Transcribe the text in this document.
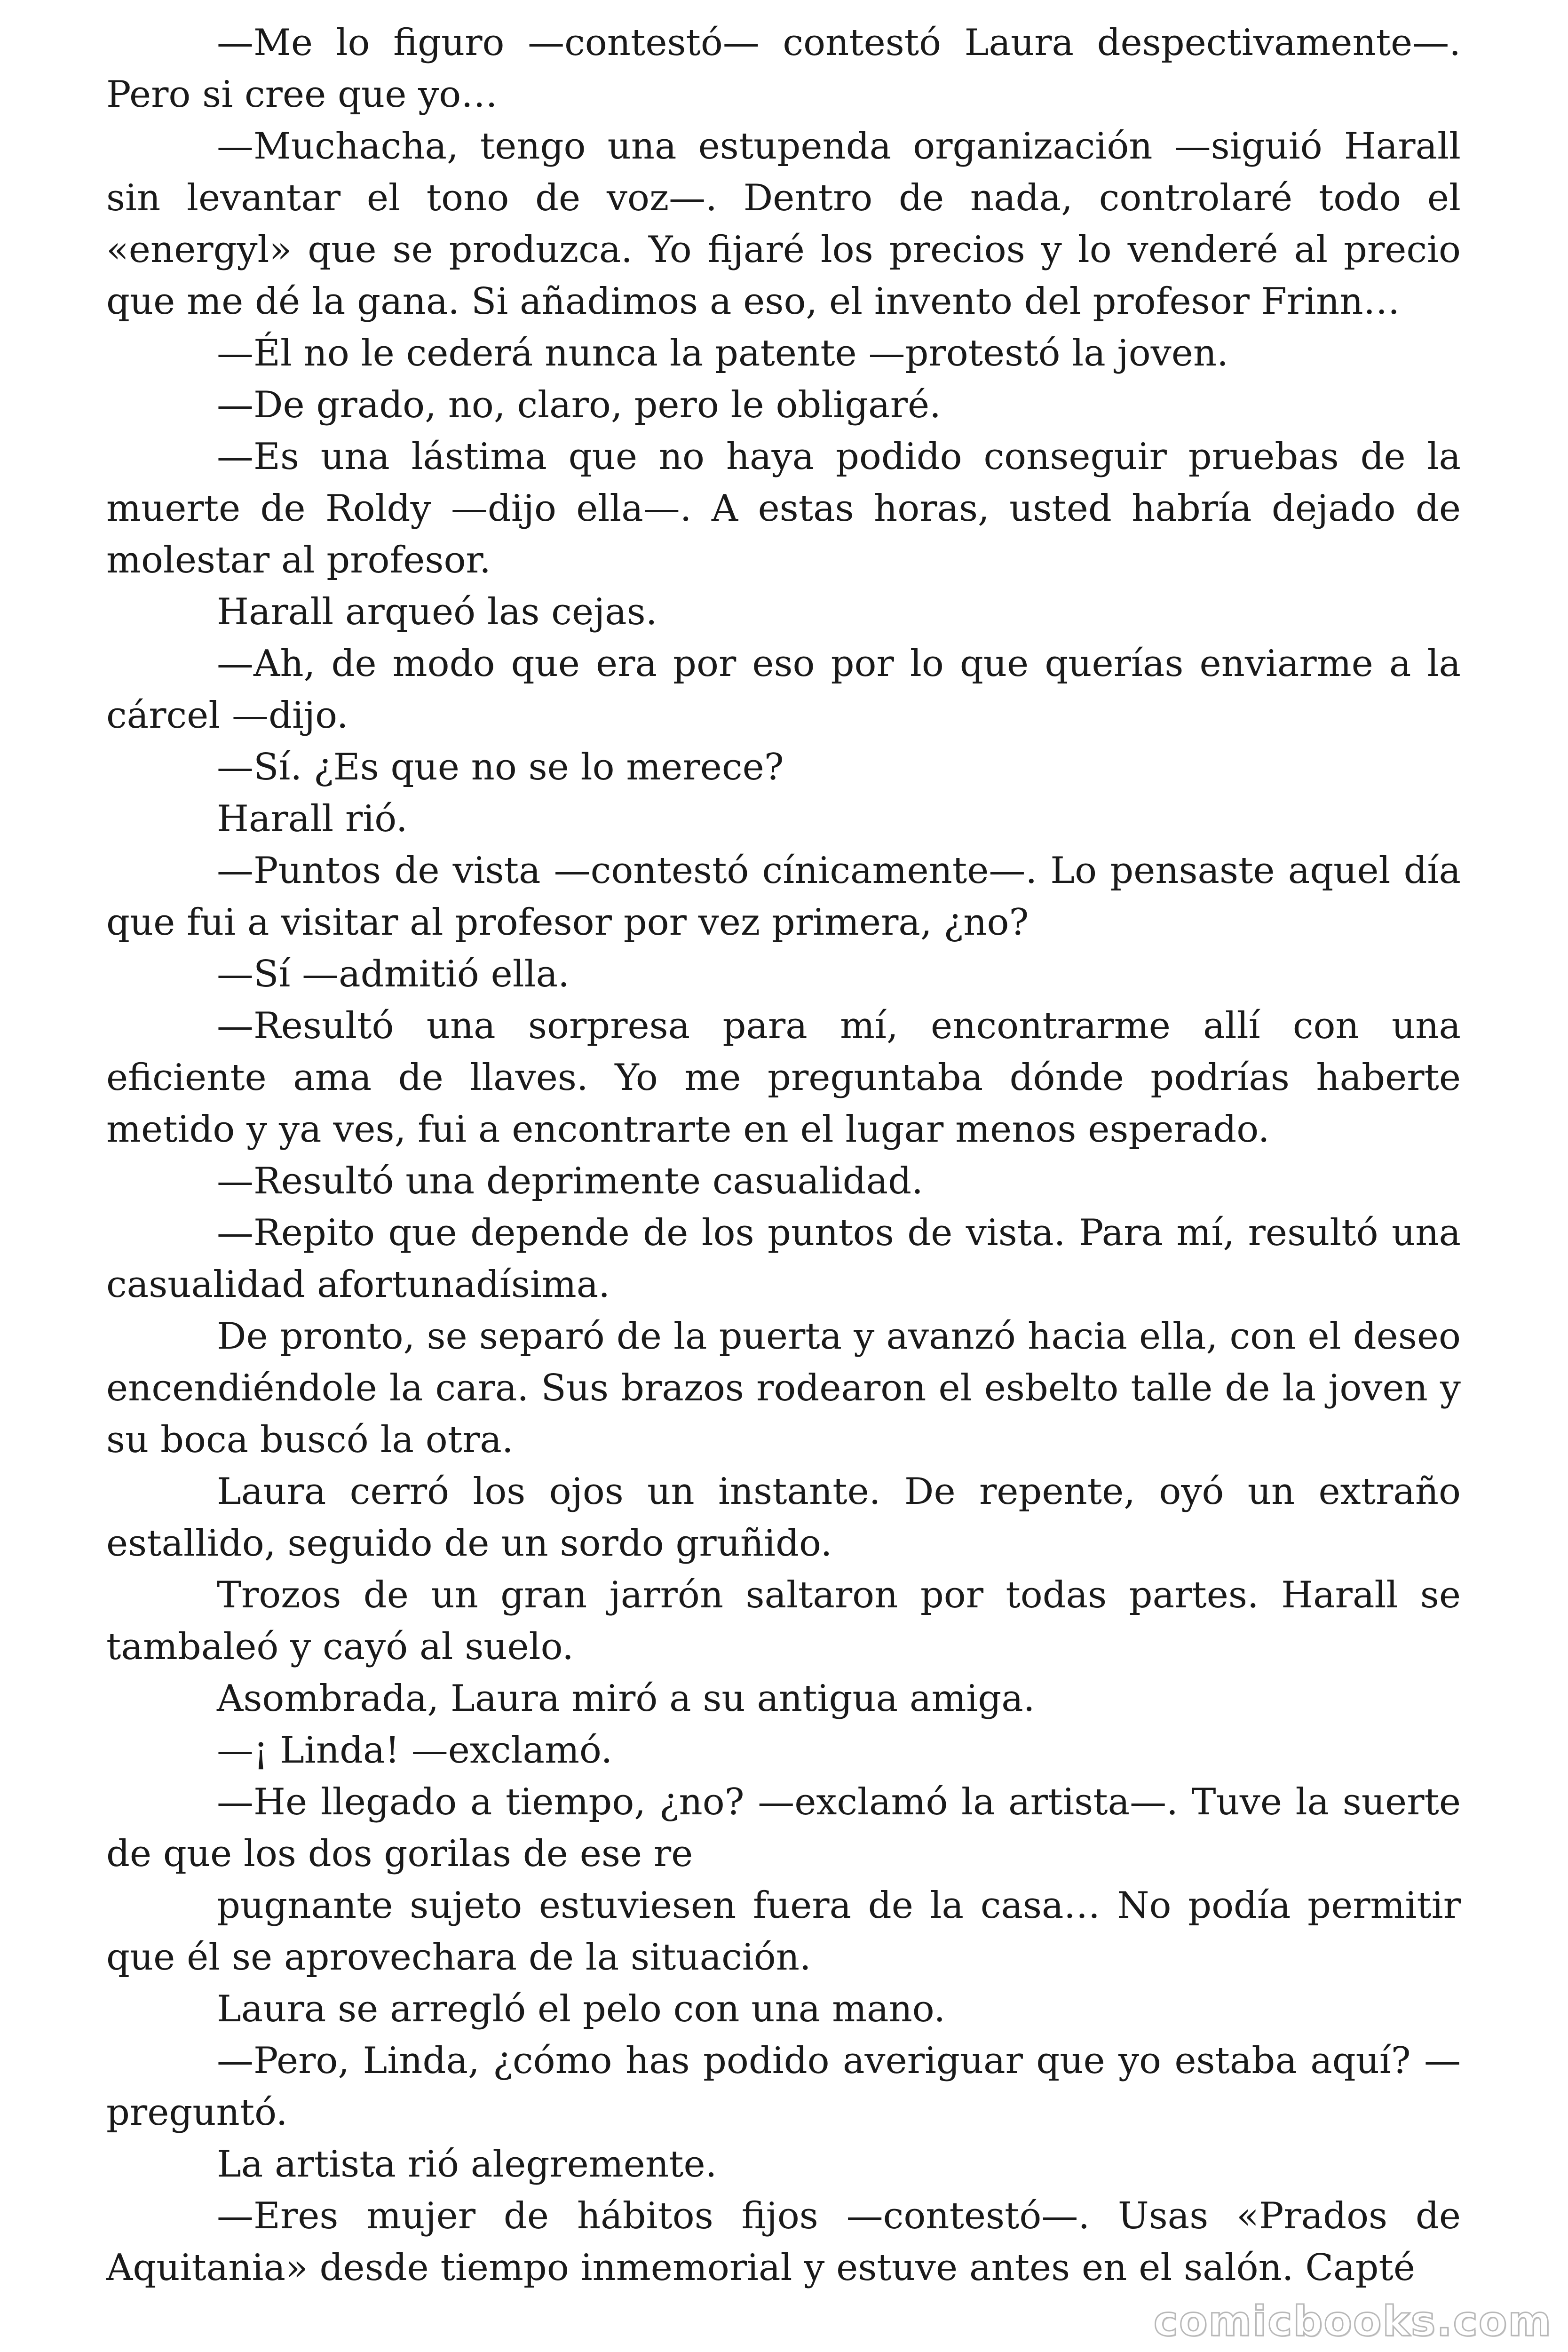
—Me lo figuro —contestó— contestó Laura despectivamente—. Pero si cree que yo…

—Muchacha, tengo una estupenda organización —siguió Harall sin levantar el tono de voz—. Dentro de nada, controlaré todo el «energyl» que se produzca. Yo fijaré los precios y lo venderé al precio que me dé la gana. Si añadimos a eso, el invento del profesor Frinn…

—Él no le cederá nunca la patente —protestó la joven.

—De grado, no, claro, pero le obligaré.

—Es una lástima que no haya podido conseguir pruebas de la muerte de Roldy —dijo ella—. A estas horas, usted habría dejado de molestar al profesor.

Harall arqueó las cejas.

—Ah, de modo que era por eso por lo que querías enviarme a la cárcel —dijo.

—Sí. ¿Es que no se lo merece?

Harall rió.

—Puntos de vista —contestó cínicamente—. Lo pensaste aquel día que fui a visitar al profesor por vez primera, ¿no?

—Sí —admitió ella.

—Resultó una sorpresa para mí, encontrarme allí con una eficiente ama de llaves. Yo me preguntaba dónde podrías haberte metido y ya ves, fui a encontrarte en el lugar menos esperado.

—Resultó una deprimente casualidad.

—Repito que depende de los puntos de vista. Para mí, resultó una casualidad afortunadísima.

De pronto, se separó de la puerta y avanzó hacia ella, con el deseo encendiéndole la cara. Sus brazos rodearon el esbelto talle de la joven y su boca buscó la otra.

Laura cerró los ojos un instante. De repente, oyó un extraño estallido, seguido de un sordo gruñido.

Trozos de un gran jarrón saltaron por todas partes. Harall se tambaleó y cayó al suelo.

Asombrada, Laura miró a su antigua amiga.

—¡ Linda! —exclamó.

—He llegado a tiempo, ¿no? —exclamó la artista—. Tuve la suerte de que los dos gorilas de ese re

pugnante sujeto estuviesen fuera de la casa… No podía permitir que él se aprovechara de la situación.

Laura se arregló el pelo con una mano.

—Pero, Linda, ¿cómo has podido averiguar que yo estaba aquí? —preguntó.

La artista rió alegremente.

—Eres mujer de hábitos fijos —contestó—. Usas «Prados de Aquitania» desde tiempo inmemorial y estuve antes en el salón. Capté

comicbooks.com
